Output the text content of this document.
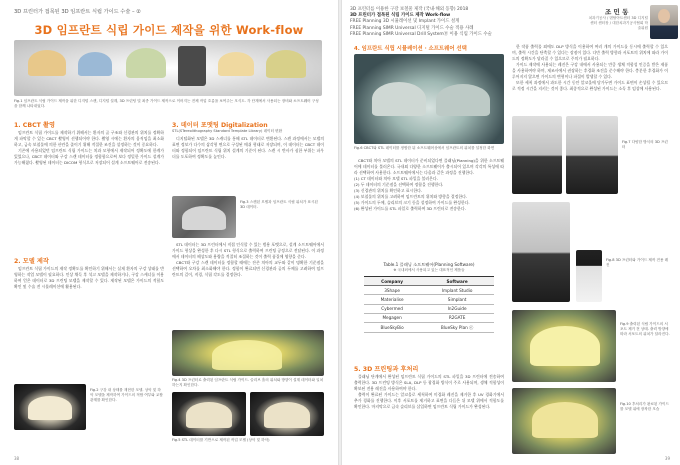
3D 프린터가 접목된 3D 임프란트 식립 가이드 수술 – ②
3D 임프란트 식립 가이드 제작을 위한 Work-flow
Fig.1 임프란트 식립 가이드 제작을 위한 디지털 스캔, 디지털 설계, 3D 프린팅 및 최종 가이드 제작으로 이어지는 전체 작업 흐름을 보여주는 모식도. 각 단계에서 사용되는 장비와 소프트웨어 구성을 함께 나타내었다.
1. CBCT 촬영

임프란트 식립 가이드를 제작하기 위해서는 환자의 골 구조와 신경관의 위치를 정확하게 파악할 수 있는 CBCT 촬영이 선행되어야 한다. 촬영 시에는 환자의 움직임을 최소화하고, 금속 보철물에 의한 산란을 줄이기 위해 적절한 조건을 설정하는 것이 중요하다.

기존에 사용되었던 임프란트 식립 가이드는 치과 모형에서 제작되어 정확도에 한계가 있었으나, CBCT 데이터와 구강 스캔 데이터를 정합함으로써 보다 정밀한 가이드 설계가 가능해졌다. 촬영된 데이터는 DICOM 형식으로 저장되어 설계 소프트웨어로 전송된다.

2. 모델 제작

임프란트 식립 가이드의 제작 정확도를 확인하기 위해서는 실제 환자의 구강 상태를 반영하는 작업 모델이 필요하다. 인상 채득 후 석고 모델을 제작하거나, 구강 스캐너를 이용하여 얻은 데이터로 3D 프린팅 모델을 제작할 수 있다. 제작된 모델은 가이드의 적합도 확인 및 수술 전 시뮬레이션에 활용된다.

Fig.2 구강 내 상태를 재현한 모델. 상악 및 하악 모델을 제작하여 가이드의 적합 여부와 교합 관계를 확인한다.
3. 데이터 포맷팅 Digitalization
STL(STereolithography Standard Template Library) 데이터 변환

디지털화된 모델은 3D 스캐너를 통해 STL 데이터로 변환된다. 스캔 과정에서는 모델의 표면 정보가 다수의 삼각형 면으로 구성된 메쉬 형태로 저장되며, 이 데이터는 CBCT 데이터와 정합되어 임프란트 식립 위치 설계의 기준이 된다. 스캔 시 반사가 심한 부위는 파우더를 도포하여 정확도를 높인다.

Fig.3 스캔된 모델과 임프란트 식립 위치가 표시된 3D 데이터.

STL 데이터는 3D 프린터에서 직접 인식할 수 있는 범용 포맷으로, 설계 소프트웨어에서 가이드 형상을 완성한 후 다시 STL 형식으로 출력하여 프린팅 공정으로 전달된다. 이 과정에서 데이터의 해상도와 용량을 적절히 조절하는 것이 출력 품질에 영향을 준다.

CBCT와 구강 스캔 데이터를 정합할 때에는 잔존 치아의 교두와 같이 명확한 기준점을 선택하여 오차를 최소화해야 한다. 정합이 완료되면 신경관과 골의 두께를 고려하여 임프란트의 길이, 직경, 식립 각도를 결정한다.

Fig.4 3D 프린터로 출력된 임프란트 식립 가이드. 슬리브 홀의 위치와 방향이 설계 데이터와 일치하는지 확인한다.
Fig.5 STL 데이터를 기반으로 제작된 작업 모델 (상악 및 하악)
38
3D 프린터를 이용한 구강 보철물 제작 (국내·해외 동향) 2018
3D 프린터가 접목된 식립 가이드 제작 Work-flow
FREE Planning 3D 시뮬레이션 및 Implant 가이드 설계
FREE Planning SIMR Universal 디지털 가이드 수술 적용 사례
FREE Planning SIMR Universal Drill SystemⓇ 이용 식립 가이드 수술
조 민 동
치과기공사 / 덴탈아트센터 3D 디지털센터 센터장 / 대한치과기공사협회 학술위원
4. 임프란트 식립 시뮬레이션 · 소프트웨어 선택
Fig.6 CBCT와 STL 데이터를 정합한 뒤 소프트웨어상에서 임프란트의 위치를 설정한 화면

CBCT와 치아 모델의 STL 데이터가 준비되었다면 플래닝(Planning)을 위한 소프트웨어에 데이터를 불러온다. 국내외 다양한 소프트웨어가 출시되어 있으며 각각의 특성에 따라 선택하여 사용한다. 소프트웨어에서는 다음과 같은 과정을 진행한다.

(1) CT 데이터와 치아 모델 STL 파일을 불러온다.
(2) 두 데이터의 기준점을 선택하여 정합을 진행한다.
(3) 신경관의 위치를 확인하고 표시한다.
(4) 보철물의 위치를 고려하여 임프란트의 위치와 방향을 결정한다.
(5) 가이드의 두께, 슬리브의 크기 등을 설정하여 가이드를 완성한다.
(6) 완성된 가이드를 STL 파일로 출력하여 3D 프린터로 전송한다.
Table.1 플래닝 소프트웨어(Planning Software)
※ 국내외에서 사용되고 있는 대표적인 제품들
Company	Software
3Shape	Implant Studio
Materialise	Simplant
Cybermed	In2Guide
Megagen	R2GATE
BlueSkyBio	BlueSky Plan ⓔ
5. 3D 프린팅과 후처리

플래닝 단계에서 완성된 임프란트 식립 가이드의 STL 파일을 3D 프린터에 전송하여 출력한다. 3D 프린팅 방식은 SLA, DLP 등 광경화 방식이 주로 사용되며, 생체 적합성이 확보된 전용 레진을 사용하여야 한다.

출력이 완료된 가이드는 알코올로 세척하여 미경화 레진을 제거한 후 UV 경화기에서 추가 경화를 진행한다. 이후 서포트를 제거하고 표면을 다듬은 뒤 모델 위에서 적합도를 확인한다. 마지막으로 금속 슬리브를 삽입하면 임프란트 식립 가이드가 완성된다.

한 작품 출력물 외에도 DLP 방식을 이용하여 여러 개의 가이드를 동시에 출력할 수 있으며, 출력 시간을 단축할 수 있다는 장점이 있다. 다만 출력 방향과 서포트의 위치에 따라 가이드의 정확도가 달라질 수 있으므로 주의가 필요하다.

가이드 제작에 사용되는 레진은 구강 내에서 사용되는 만큼 생체 적합성 인증을 받은 제품을 사용하여야 하며, 제조사에서 권장하는 후경화 조건을 준수해야 한다. 충분한 후경화가 이루어지지 않으면 가이드의 변형이나 파절이 발생할 수 있다.

또한 세척 과정에서 과도한 시간 동안 알코올에 담가두면 가이드 표면이 손상될 수 있으므로 적정 시간을 지키는 것이 좋다. 최종적으로 완성된 가이드는 소독 후 임상에 사용된다.

Fig.7 다양한 방식의 3D 프린터
Fig.8 3D 프린터와 가이드 제작 전용 레진
Fig.9 출력된 식립 가이드의 서포트 제거 전 상태. 출력 방향에 따라 서포트의 위치가 달라진다.
Fig.10 후처리가 완료된 가이드를 모델 위에 장착한 모습
39
